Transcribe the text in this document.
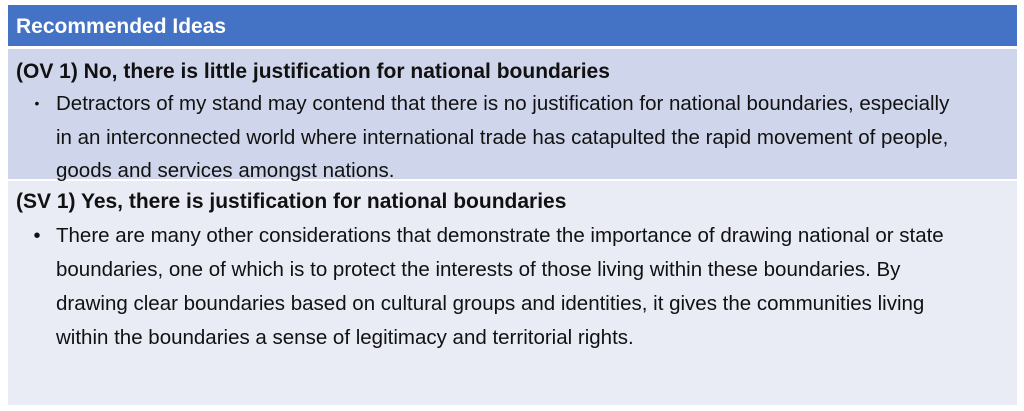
Recommended Ideas

(OV 1) No, there is little justification for national boundaries

• Detractors of my stand may contend that there is no justification for national boundaries, especially in an interconnected world where international trade has catapulted the rapid movement of people, goods and services amongst nations.

(SV 1) Yes, there is justification for national boundaries

• There are many other considerations that demonstrate the importance of drawing national or state boundaries, one of which is to protect the interests of those living within these boundaries. By drawing clear boundaries based on cultural groups and identities, it gives the communities living within the boundaries a sense of legitimacy and territorial rights.
